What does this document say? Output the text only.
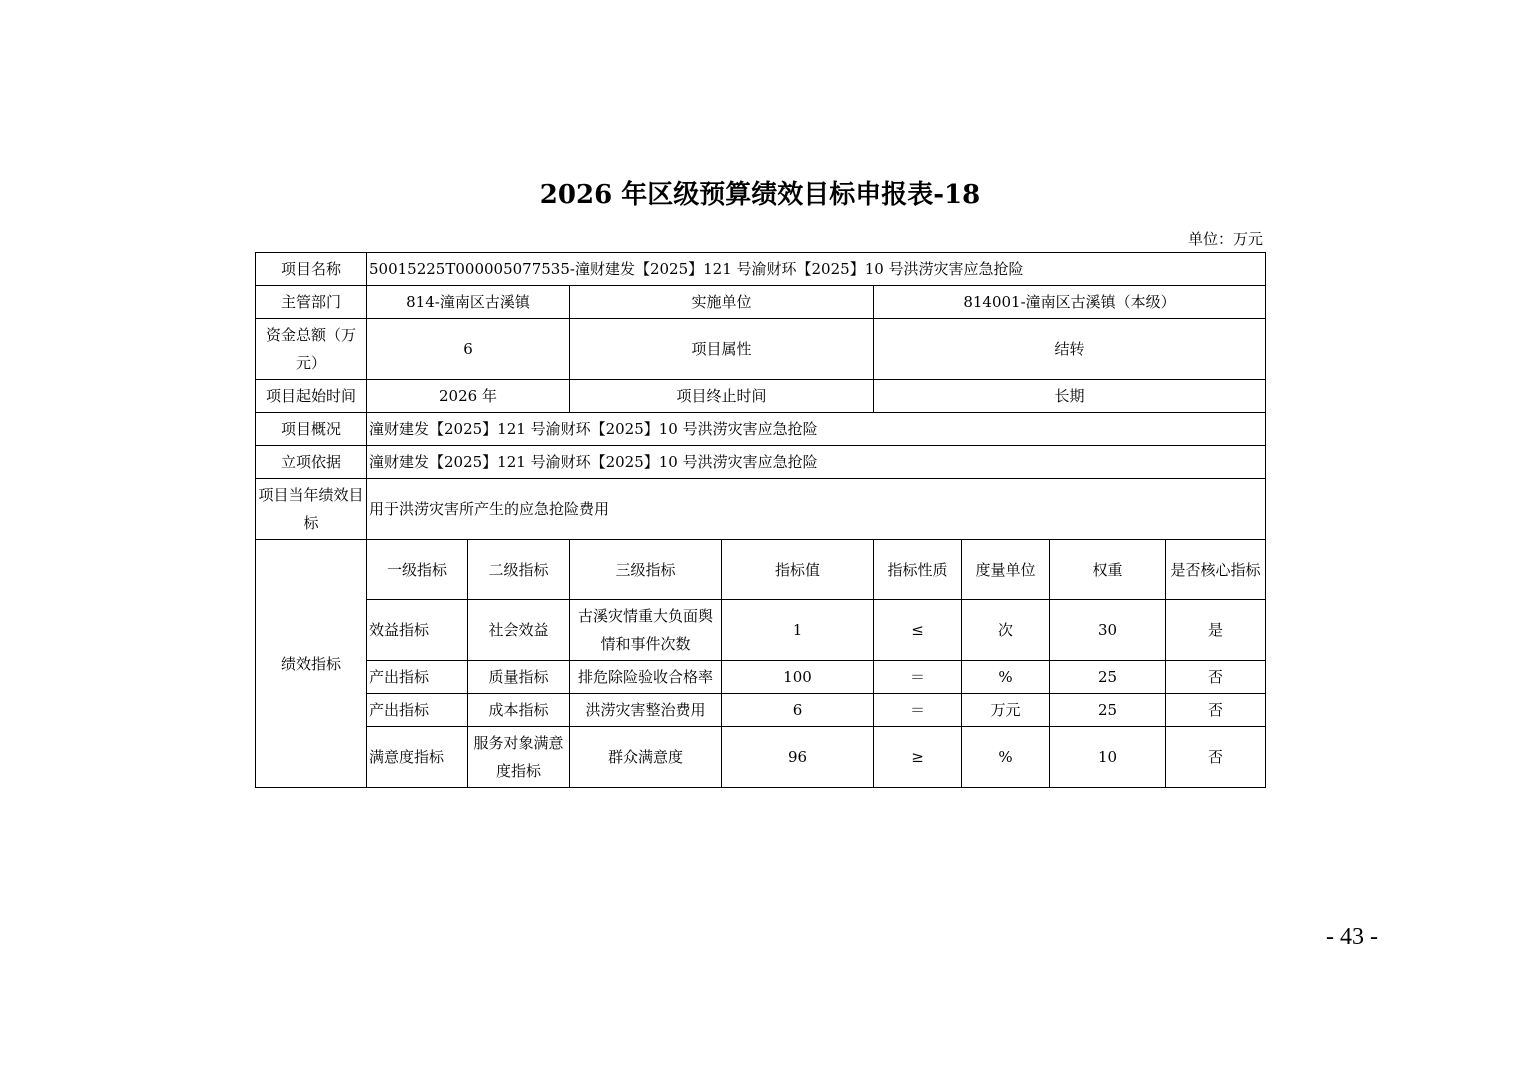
2026 年区级预算绩效目标申报表-18
单位：万元
项目名称	50015225T000005077535-潼财建发【2025】121 号渝财环【2025】10 号洪涝灾害应急抢险							
主管部门	814-潼南区古溪镇		实施单位		814001-潼南区古溪镇（本级）			
资金总额（万元）	6		项目属性		结转			
项目起始时间	2026 年		项目终止时间		长期			
项目概况	潼财建发【2025】121 号渝财环【2025】10 号洪涝灾害应急抢险							
立项依据	潼财建发【2025】121 号渝财环【2025】10 号洪涝灾害应急抢险							
项目当年绩效目标	用于洪涝灾害所产生的应急抢险费用							
绩效指标	一级指标	二级指标	三级指标	指标值	指标性质	度量单位	权重	是否核心指标
	效益指标	社会效益	古溪灾情重大负面舆情和事件次数	1	≤	次	30	是
	产出指标	质量指标	排危除险验收合格率	100	＝	%	25	否
	产出指标	成本指标	洪涝灾害整治费用	6	＝	万元	25	否
	满意度指标	服务对象满意度指标	群众满意度	96	≥	%	10	否
- 43 -
